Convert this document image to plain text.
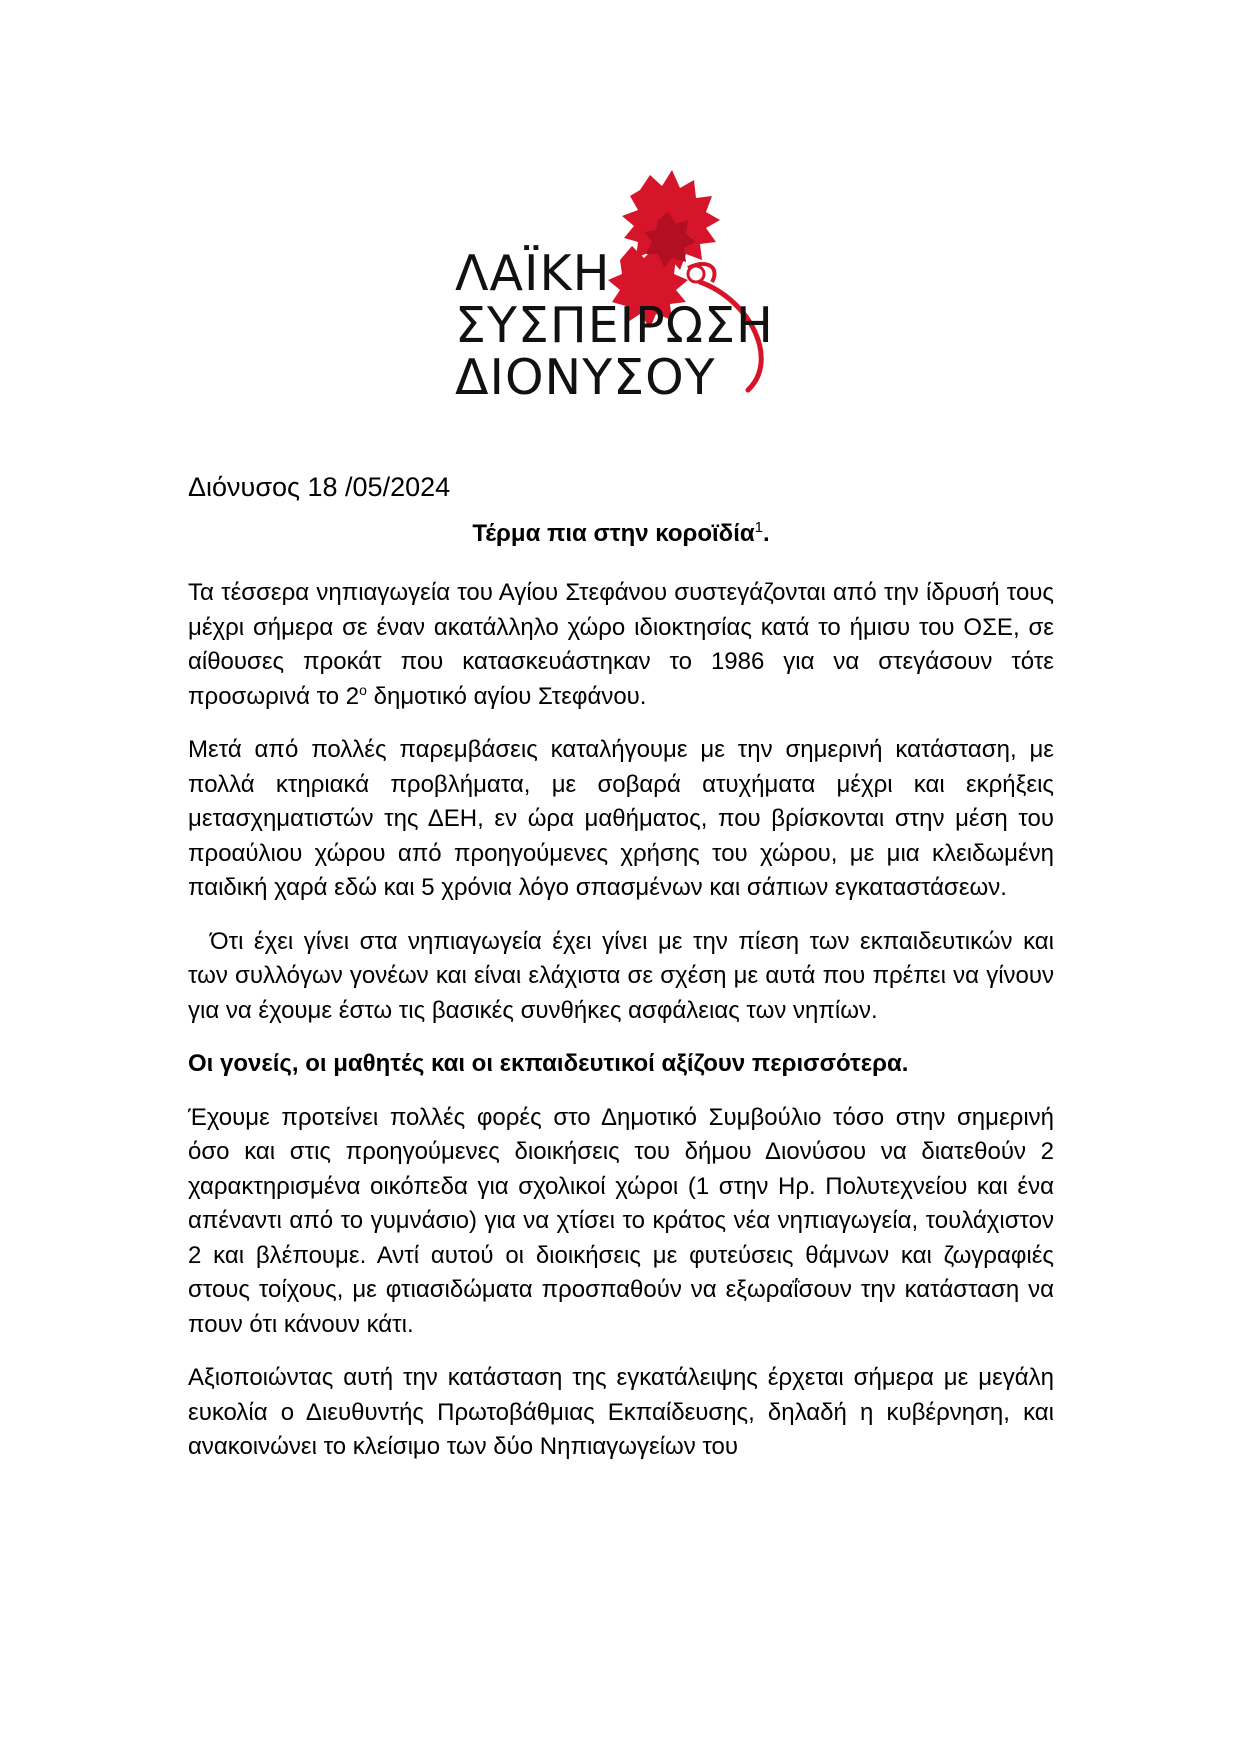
ΛΑΪΚΗ
ΣΥΣΠΕΙΡΩΣΗ
ΔΙΟΝΥΣΟΥ
Διόνυσος 18 /05/2024
Τέρμα πια στην κοροϊδία$^1$.

Τα τέσσερα νηπιαγωγεία του Αγίου Στεφάνου συστεγάζονται από την ίδρυσή τους μέχρι σήμερα σε έναν ακατάλληλο χώρο ιδιοκτησίας κατά το ήμισυ του ΟΣΕ, σε αίθουσες προκάτ που κατασκευάστηκαν το 1986 για να στεγάσουν τότε προσωρινά το $2^o$ δημοτικό αγίου Στεφάνου.

Μετά από πολλές παρεμβάσεις καταλήγουμε με την σημερινή κατάσταση, με πολλά κτηριακά προβλήματα, με σοβαρά ατυχήματα μέχρι και εκρήξεις μετασχηματιστών της ΔΕΗ, εν ώρα μαθήματος, που βρίσκονται στην μέση του προαύλιου χώρου από προηγούμενες χρήσης του χώρου, με μια κλειδωμένη παιδική χαρά εδώ και 5 χρόνια λόγο σπασμένων και σάπιων εγκαταστάσεων.

Ότι έχει γίνει στα νηπιαγωγεία έχει γίνει με την πίεση των εκπαιδευτικών και των συλλόγων γονέων και είναι ελάχιστα σε σχέση με αυτά που πρέπει να γίνουν για να έχουμε έστω τις βασικές συνθήκες ασφάλειας των νηπίων.

Οι γονείς, οι μαθητές και οι εκπαιδευτικοί αξίζουν περισσότερα.

Έχουμε προτείνει πολλές φορές στο Δημοτικό Συμβούλιο τόσο στην σημερινή όσο και στις προηγούμενες διοικήσεις του δήμου Διονύσου να διατεθούν 2 χαρακτηρισμένα οικόπεδα για σχολικοί χώροι (1 στην Ηρ. Πολυτεχνείου και ένα απέναντι από το γυμνάσιο) για να χτίσει το κράτος νέα νηπιαγωγεία, τουλάχιστον 2 και βλέπουμε. Αντί αυτού οι διοικήσεις με φυτεύσεις θάμνων και ζωγραφιές στους τοίχους, με φτιασιδώματα προσπαθούν να εξωραΐσουν την κατάσταση να πουν ότι κάνουν κάτι.

Αξιοποιώντας αυτή την κατάσταση της εγκατάλειψης έρχεται σήμερα με μεγάλη ευκολία ο Διευθυντής Πρωτοβάθμιας Εκπαίδευσης, δηλαδή η κυβέρνηση, και ανακοινώνει το κλείσιμο των δύο Νηπιαγωγείων του
